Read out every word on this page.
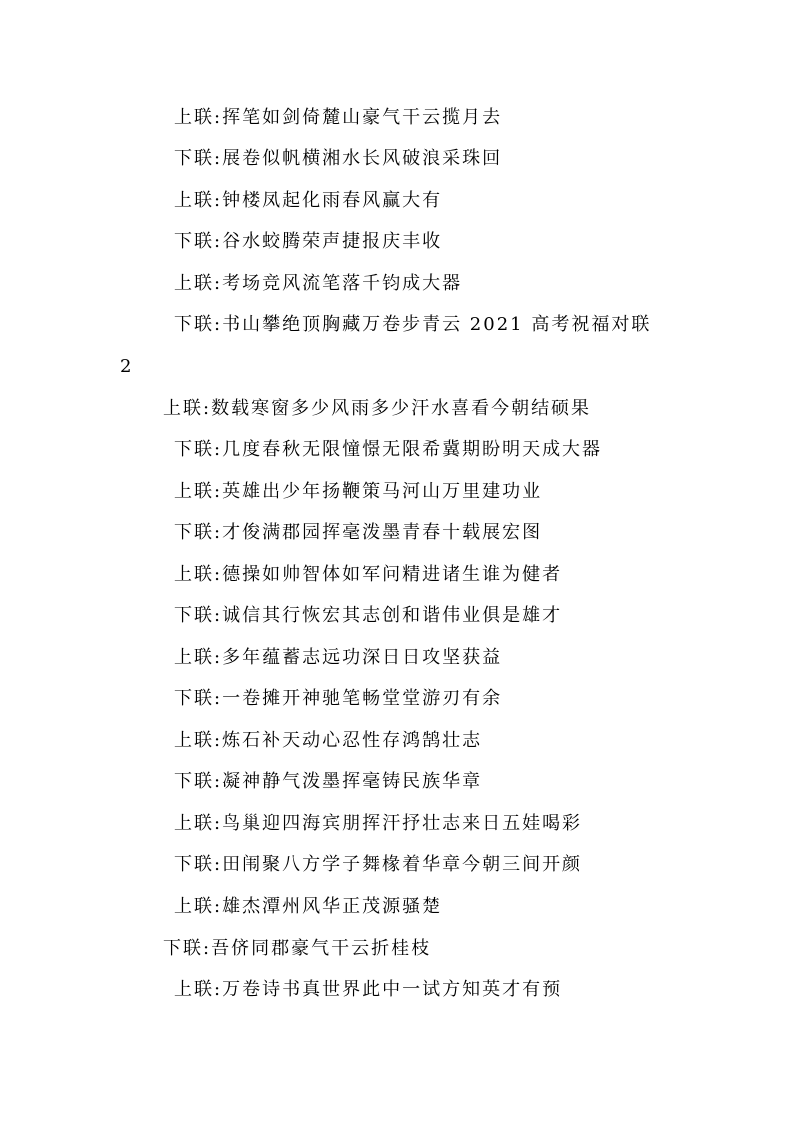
上联:挥笔如剑倚麓山豪气干云揽月去
下联:展卷似帆横湘水长风破浪采珠回
上联:钟楼凤起化雨春风赢大有
下联:谷水蛟腾荣声捷报庆丰收
上联:考场竞风流笔落千钧成大器
下联:书山攀绝顶胸藏万卷步青云 2021 高考祝福对联
2
上联:数载寒窗多少风雨多少汗水喜看今朝结硕果
下联:几度春秋无限憧憬无限希冀期盼明天成大器
上联:英雄出少年扬鞭策马河山万里建功业
下联:才俊满郡园挥毫泼墨青春十载展宏图
上联:德操如帅智体如军问精进诸生谁为健者
下联:诚信其行恢宏其志创和谐伟业俱是雄才
上联:多年蕴蓄志远功深日日攻坚获益
下联:一卷摊开神驰笔畅堂堂游刃有余
上联:炼石补天动心忍性存鸿鹄壮志
下联:凝神静气泼墨挥毫铸民族华章
上联:鸟巢迎四海宾朋挥汗抒壮志来日五娃喝彩
下联:田闱聚八方学子舞椽着华章今朝三间开颜
上联:雄杰潭州风华正茂源骚楚
下联:吾侪同郡豪气干云折桂枝
上联:万卷诗书真世界此中一试方知英才有预
